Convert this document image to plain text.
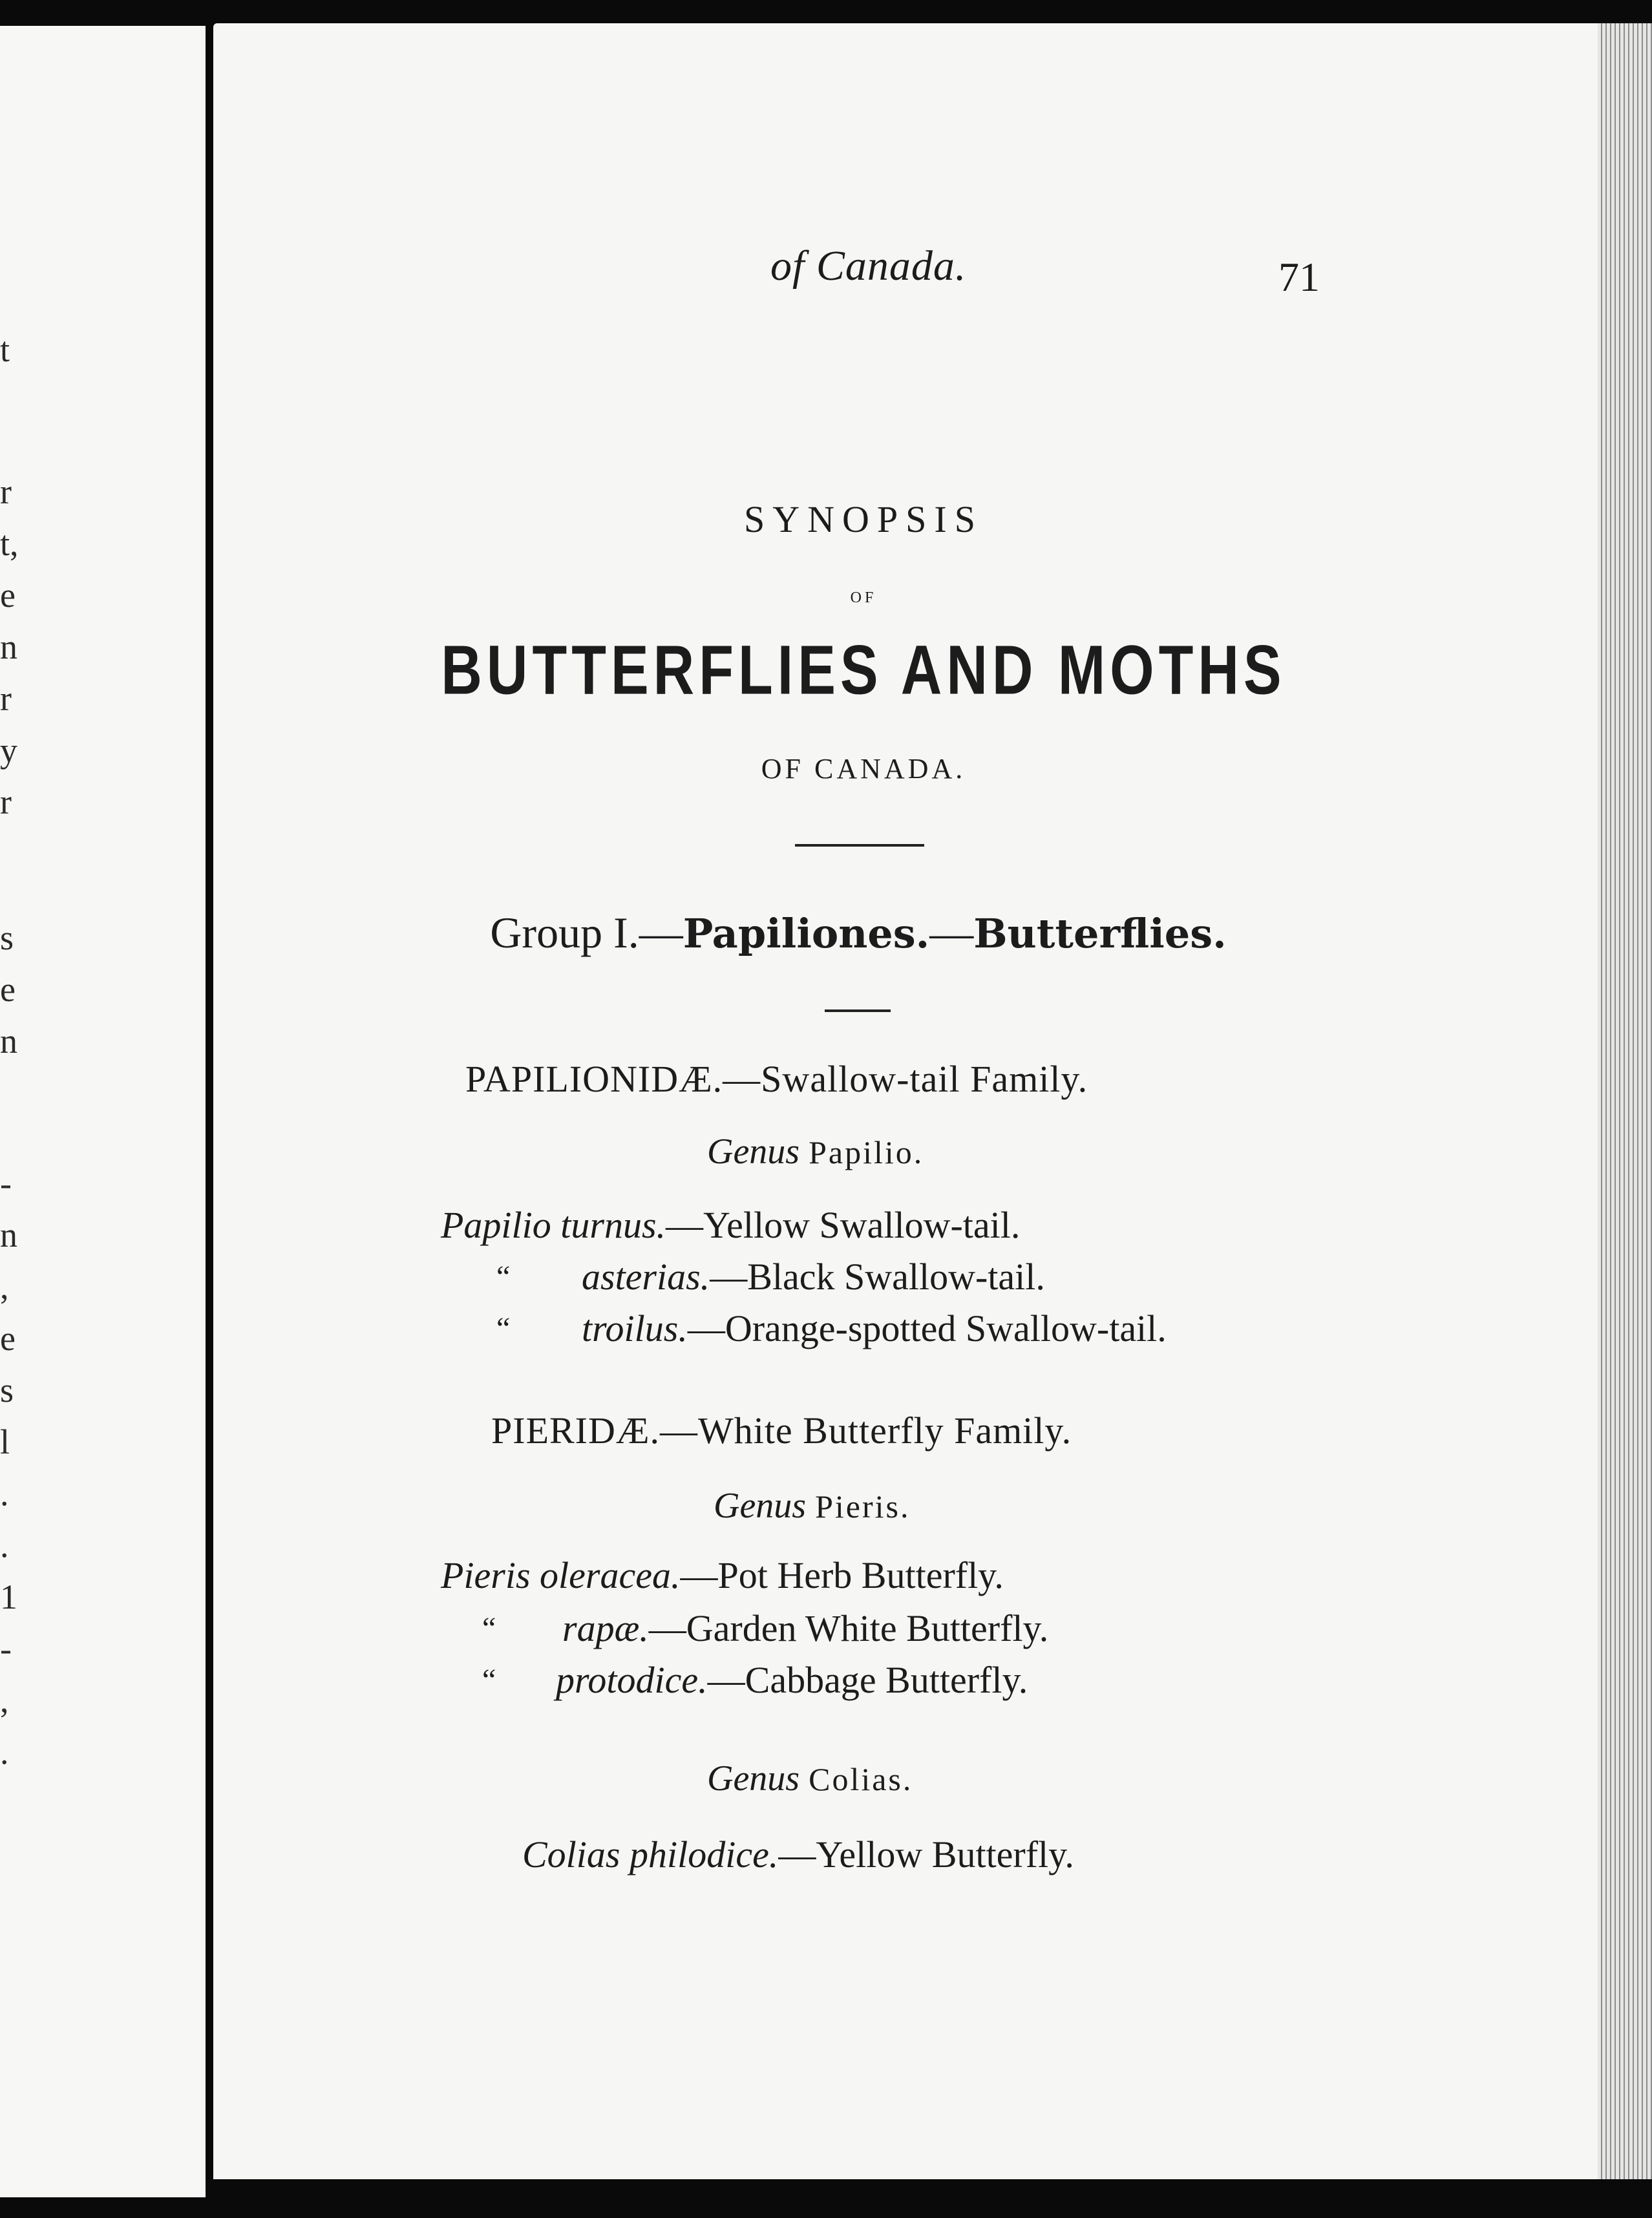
t
r
t,
e
n
r
y
r
s
e
n
-
n
,
e
s
l
.
.
1
-
,
.
of Canada.	71
SYNOPSIS
OF
BUTTERFLIES AND MOTHS
OF CANADA.
Group I.—Papiliones.—Butterflies.
PAPILIONIDÆ.—Swallow-tail Family.
Genus Papilio.
Papilio turnus.—Yellow Swallow-tail.
“ asterias.—Black Swallow-tail.
“ troilus.—Orange-spotted Swallow-tail.
PIERIDÆ.—White Butterfly Family.
Genus Pieris.
Pieris oleracea.—Pot Herb Butterfly.
“ rapæ.—Garden White Butterfly.
“ protodice.—Cabbage Butterfly.
Genus Colias.
Colias philodice.—Yellow Butterfly.
